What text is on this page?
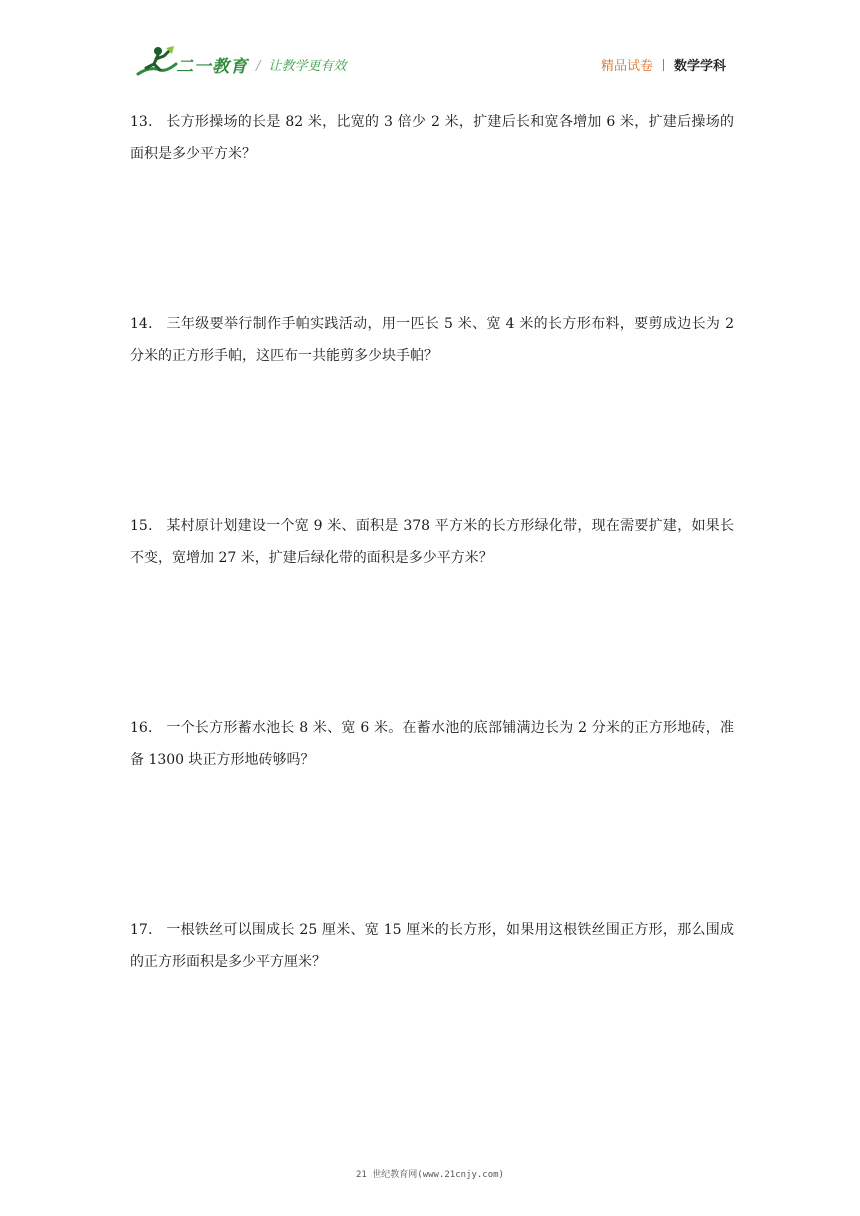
二一教育 / 让教学更有效	精品试卷 数学学科
13． 长方形操场的长是 82 米，比宽的 3 倍少 2 米，扩建后长和宽各增加 6 米，扩建后操场的面积是多少平方米？
14． 三年级要举行制作手帕实践活动，用一匹长 5 米、宽 4 米的长方形布料，要剪成边长为 2 分米的正方形手帕，这匹布一共能剪多少块手帕？
15． 某村原计划建设一个宽 9 米、面积是 378 平方米的长方形绿化带，现在需要扩建，如果长不变，宽增加 27 米，扩建后绿化带的面积是多少平方米？
16． 一个长方形蓄水池长 8 米、宽 6 米。在蓄水池的底部铺满边长为 2 分米的正方形地砖，准备 1300 块正方形地砖够吗？
17． 一根铁丝可以围成长 25 厘米、宽 15 厘米的长方形，如果用这根铁丝围正方形，那么围成的正方形面积是多少平方厘米？
21 世纪教育网(www.21cnjy.com)
